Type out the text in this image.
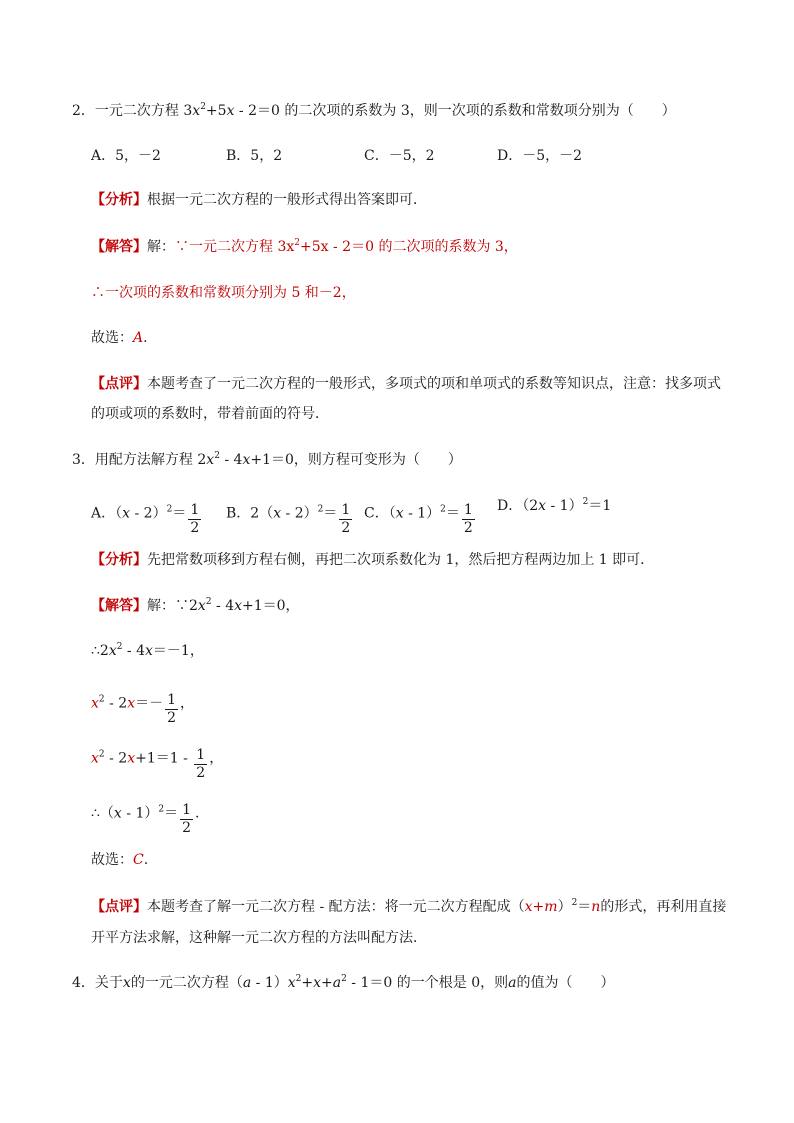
2．一元二次方程 $3x^2+5x - 2=0$ 的二次项的系数为 3，则一次项的系数和常数项分别为（　　）
A．5，－2	B．5，2	C．－5，2	D．－5，－2
【分析】根据一元二次方程的一般形式得出答案即可．
【解答】解：∵一元二次方程 $3x^2+5x - 2=0$ 的二次项的系数为 3，
∴一次项的系数和常数项分别为 5 和－2，
故选：A.
【点评】本题考查了一元二次方程的一般形式，多项式的项和单项式的系数等知识点，注意：找多项式
的项或项的系数时，带着前面的符号．
3．用配方法解方程 $2x^2 - 4x+1=0$，则方程可变形为（　　）
A．$(x - 2)^2= \frac{1}{2}$ B．$2(x - 2)^2= \frac{1}{2}$ C．$(x - 1)^2= \frac{1}{2}$ D．（2x - 1）$^2$＝1
【分析】先把常数项移到方程右侧，再把二次项系数化为 1，然后把方程两边加上 1 即可．
【解答】解：$\because 2x^2 - 4x+1=0$，
$\therefore 2x^2 - 4x=-1$，
$x^2 - 2x=- \frac{1}{2}$ ，
$x^2 - 2x+1=1 - \frac{1}{2}$ ，
∴（x - $1)^2= \frac{1}{2}$ .
故选：C.
【点评】本题考查了解一元二次方程 - 配方法：将一元二次方程配成$(x+m)^2=n$的形式，再利用直接
开平方法求解，这种解一元二次方程的方法叫配方法．
4．关于x的一元二次方程$(a - 1)x^2+x+a^2 - 1=0$ 的一个根是 0，则a的值为（　　）
